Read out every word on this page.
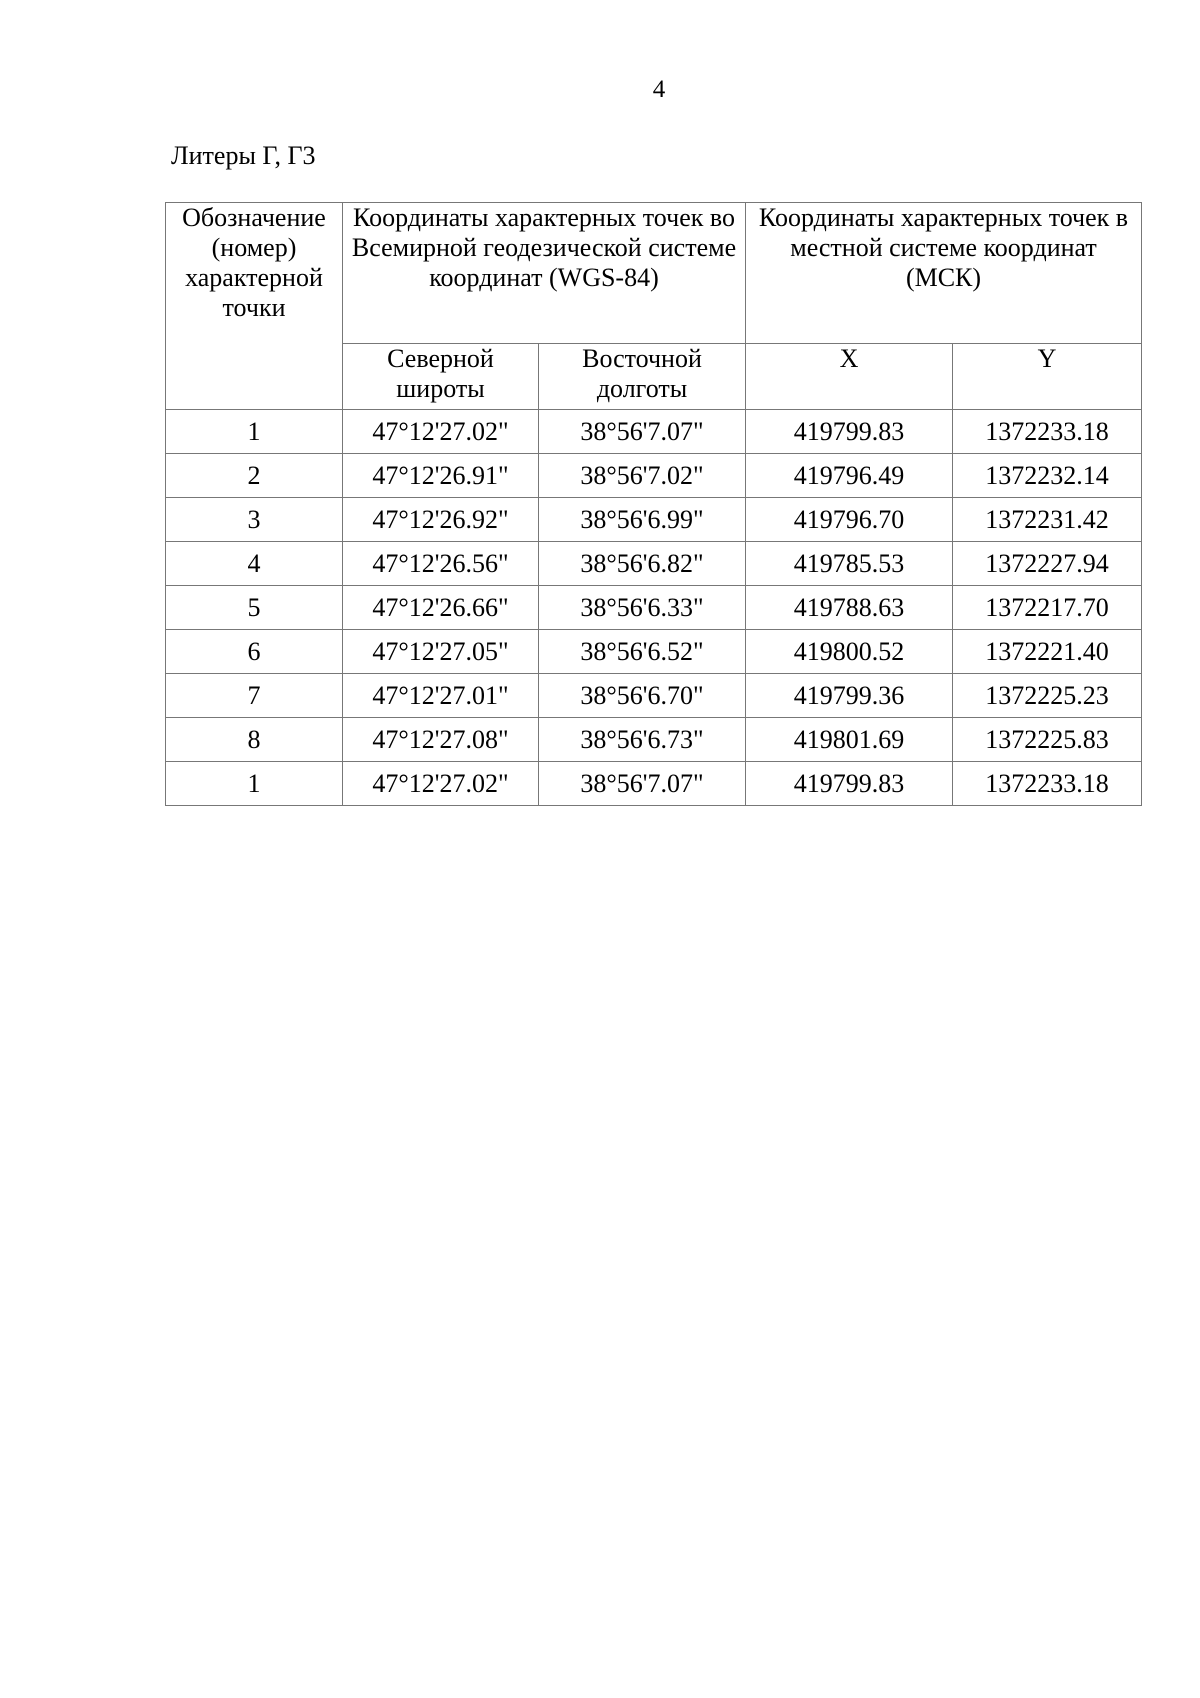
4
Литеры Г, Г3
Обозначение (номер) характерной точки	Координаты характерных точек во Всемирной геодезической системе координат (WGS-84)		Координаты характерных точек в местной системе координат (МСК)	
	Северной широты	Восточной долготы	X	Y
1	47°12'27.02"	38°56'7.07"	419799.83	1372233.18
2	47°12'26.91"	38°56'7.02"	419796.49	1372232.14
3	47°12'26.92"	38°56'6.99"	419796.70	1372231.42
4	47°12'26.56"	38°56'6.82"	419785.53	1372227.94
5	47°12'26.66"	38°56'6.33"	419788.63	1372217.70
6	47°12'27.05"	38°56'6.52"	419800.52	1372221.40
7	47°12'27.01"	38°56'6.70"	419799.36	1372225.23
8	47°12'27.08"	38°56'6.73"	419801.69	1372225.83
1	47°12'27.02"	38°56'7.07"	419799.83	1372233.18
